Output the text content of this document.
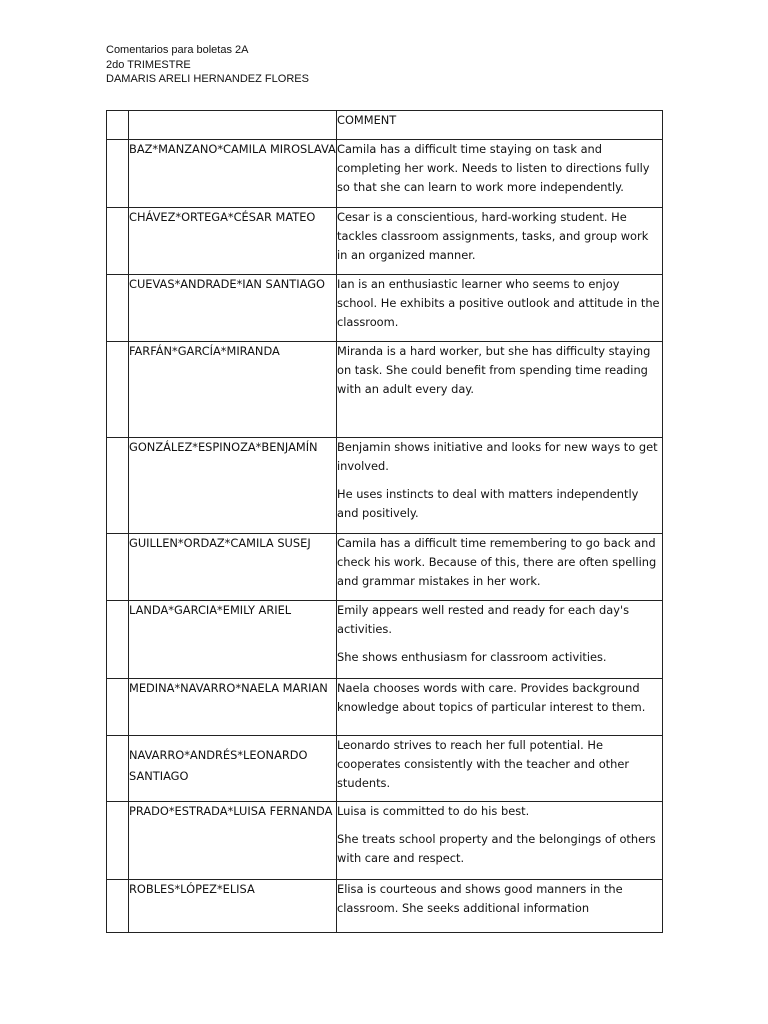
Comentarios para boletas 2A
2do TRIMESTRE
DAMARIS ARELI HERNANDEZ FLORES
		COMMENT
	BAZ*MANZANO*CAMILA MIROSLAVA	Camila has a difficult time staying on task and completing her work. Needs to listen to directions fully so that she can learn to work more independently.

	CHÁVEZ*ORTEGA*CÉSAR MATEO	Cesar is a conscientious, hard-working student. He tackles classroom assignments, tasks, and group work in an organized manner.

	CUEVAS*ANDRADE*IAN SANTIAGO	Ian is an enthusiastic learner who seems to enjoy school. He exhibits a positive outlook and attitude in the classroom.

	FARFÁN*GARCÍA*MIRANDA	Miranda is a hard worker, but she has difficulty staying on task. She could benefit from spending time reading with an adult every day.

	GONZÁLEZ*ESPINOZA*BENJAMÍN	Benjamin shows initiative and looks for new ways to get involved.

He uses instincts to deal with matters independently and positively.

	GUILLEN*ORDAZ*CAMILA SUSEJ	Camila has a difficult time remembering to go back and check his work. Because of this, there are often spelling and grammar mistakes in her work.

	LANDA*GARCIA*EMILY ARIEL	Emily appears well rested and ready for each day's activities.

She shows enthusiasm for classroom activities.

	MEDINA*NAVARRO*NAELA MARIAN	Naela chooses words with care. Provides background knowledge about topics of particular interest to them.

	NAVARRO*ANDRÉS*LEONARDO SANTIAGO	Leonardo strives to reach her full potential. He cooperates consistently with the teacher and other students.

	PRADO*ESTRADA*LUISA FERNANDA	Luisa is committed to do his best.

She treats school property and the belongings of others with care and respect.

	ROBLES*LÓPEZ*ELISA	Elisa is courteous and shows good manners in the classroom. She seeks additional information
